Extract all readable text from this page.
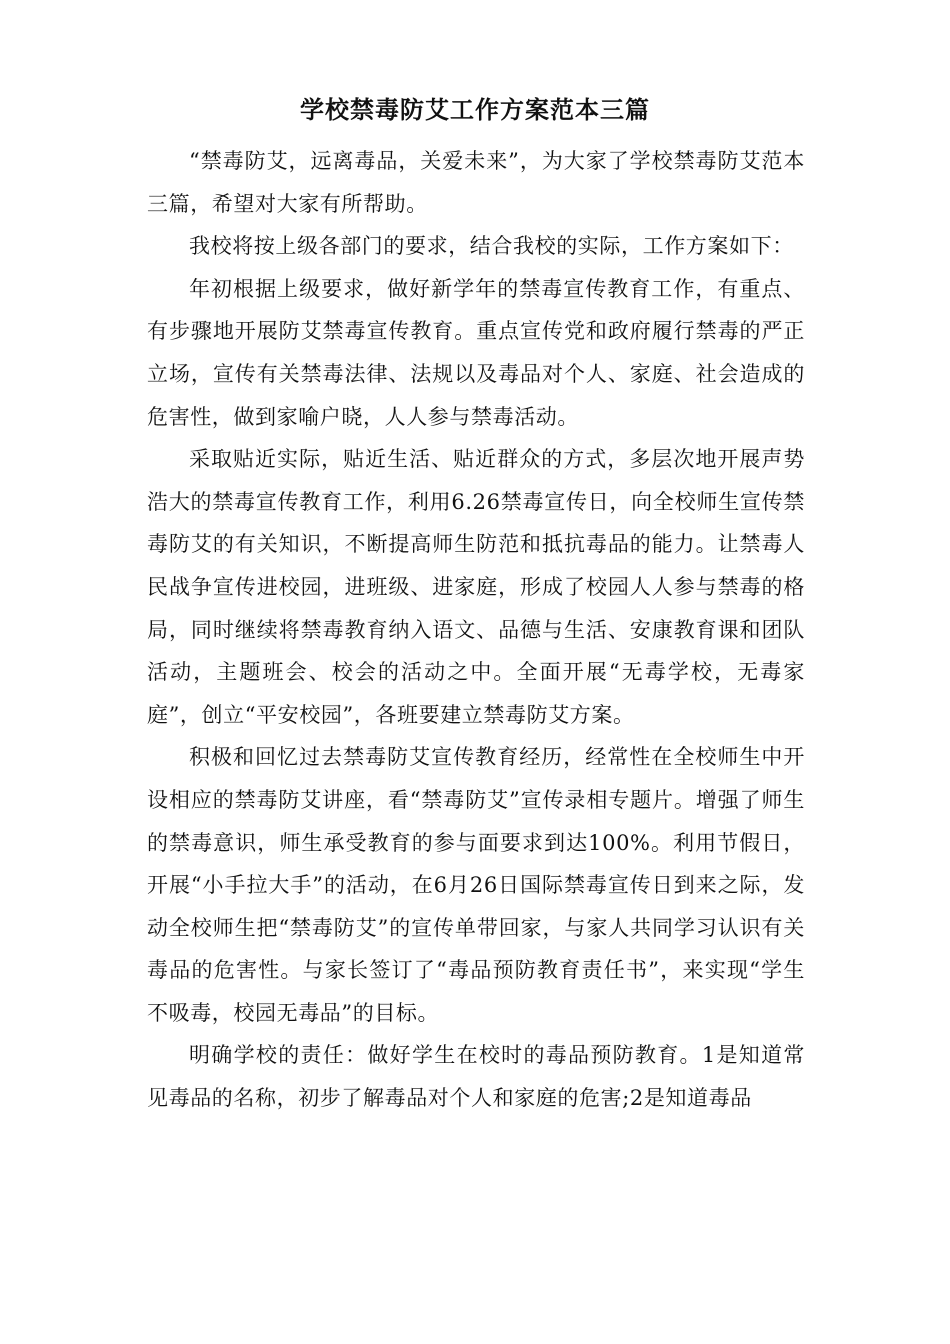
学校禁毒防艾工作方案范本三篇

“禁毒防艾，远离毒品，关爱未来”，为大家了学校禁毒防艾范本三篇，希望对大家有所帮助。

我校将按上级各部门的要求，结合我校的实际，工作方案如下：

年初根据上级要求，做好新学年的禁毒宣传教育工作，有重点、有步骤地开展防艾禁毒宣传教育。重点宣传党和政府履行禁毒的严正立场，宣传有关禁毒法律、法规以及毒品对个人、家庭、社会造成的危害性，做到家喻户晓，人人参与禁毒活动。

采取贴近实际，贴近生活、贴近群众的方式，多层次地开展声势浩大的禁毒宣传教育工作，利用6.26禁毒宣传日，向全校师生宣传禁毒防艾的有关知识，不断提高师生防范和抵抗毒品的能力。让禁毒人民战争宣传进校园，进班级、进家庭，形成了校园人人参与禁毒的格局，同时继续将禁毒教育纳入语文、品德与生活、安康教育课和团队活动，主题班会、校会的活动之中。全面开展“无毒学校，无毒家庭”，创立“平安校园”，各班要建立禁毒防艾方案。

积极和回忆过去禁毒防艾宣传教育经历，经常性在全校师生中开设相应的禁毒防艾讲座，看“禁毒防艾”宣传录相专题片。增强了师生的禁毒意识，师生承受教育的参与面要求到达100%。利用节假日，开展“小手拉大手”的活动，在6月26日国际禁毒宣传日到来之际，发动全校师生把“禁毒防艾”的宣传单带回家，与家人共同学习认识有关毒品的危害性。与家长签订了“毒品预防教育责任书”，来实现“学生不吸毒，校园无毒品”的目标。

明确学校的责任：做好学生在校时的毒品预防教育。1是知道常见毒品的名称，初步了解毒品对个人和家庭的危害;2是知道毒品
